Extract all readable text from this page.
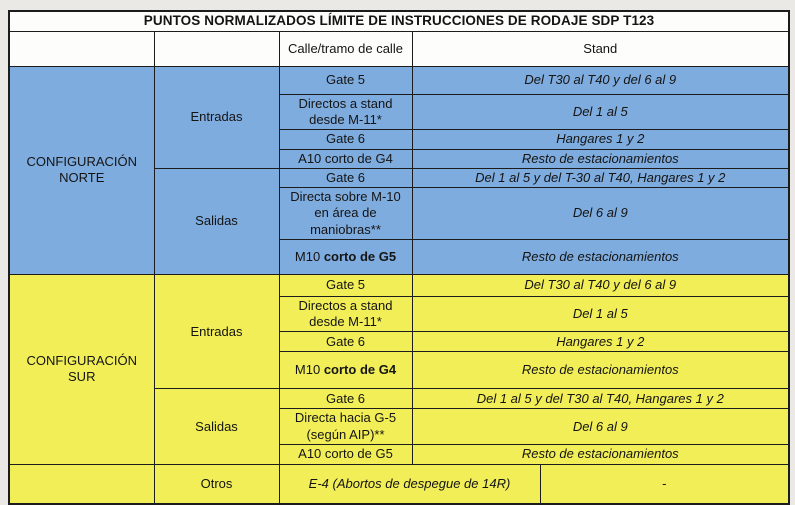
PUNTOS NORMALIZADOS LÍMITE DE INSTRUCCIONES DE RODAJE SDP T123				
		Calle/tramo de calle	Stand	
CONFIGURACIÓN NORTE	Entradas	Gate 5	Del T30 al T40 y del 6 al 9	
		Directos a stand desde M-11*	Del 1 al 5	
		Gate 6	Hangares 1 y 2	
		A10 corto de G4	Resto de estacionamientos	
	Salidas	Gate 6	Del 1 al 5 y del T-30 al T40, Hangares 1 y 2	
		Directa sobre M-10 en área de maniobras**	Del 6 al 9	
		M10 corto de G5	Resto de estacionamientos	
CONFIGURACIÓN SUR	Entradas	Gate 5	Del T30 al T40 y del 6 al 9	
		Directos a stand desde M-11*	Del 1 al 5	
		Gate 6	Hangares 1 y 2	
		M10 corto de G4	Resto de estacionamientos	
	Salidas	Gate 6	Del 1 al 5 y del T30 al T40, Hangares 1 y 2	
		Directa hacia G-5 (según AIP)**	Del 6 al 9	
		A10 corto de G5	Resto de estacionamientos	
	Otros	E-4 (Abortos de despegue de 14R)		-
